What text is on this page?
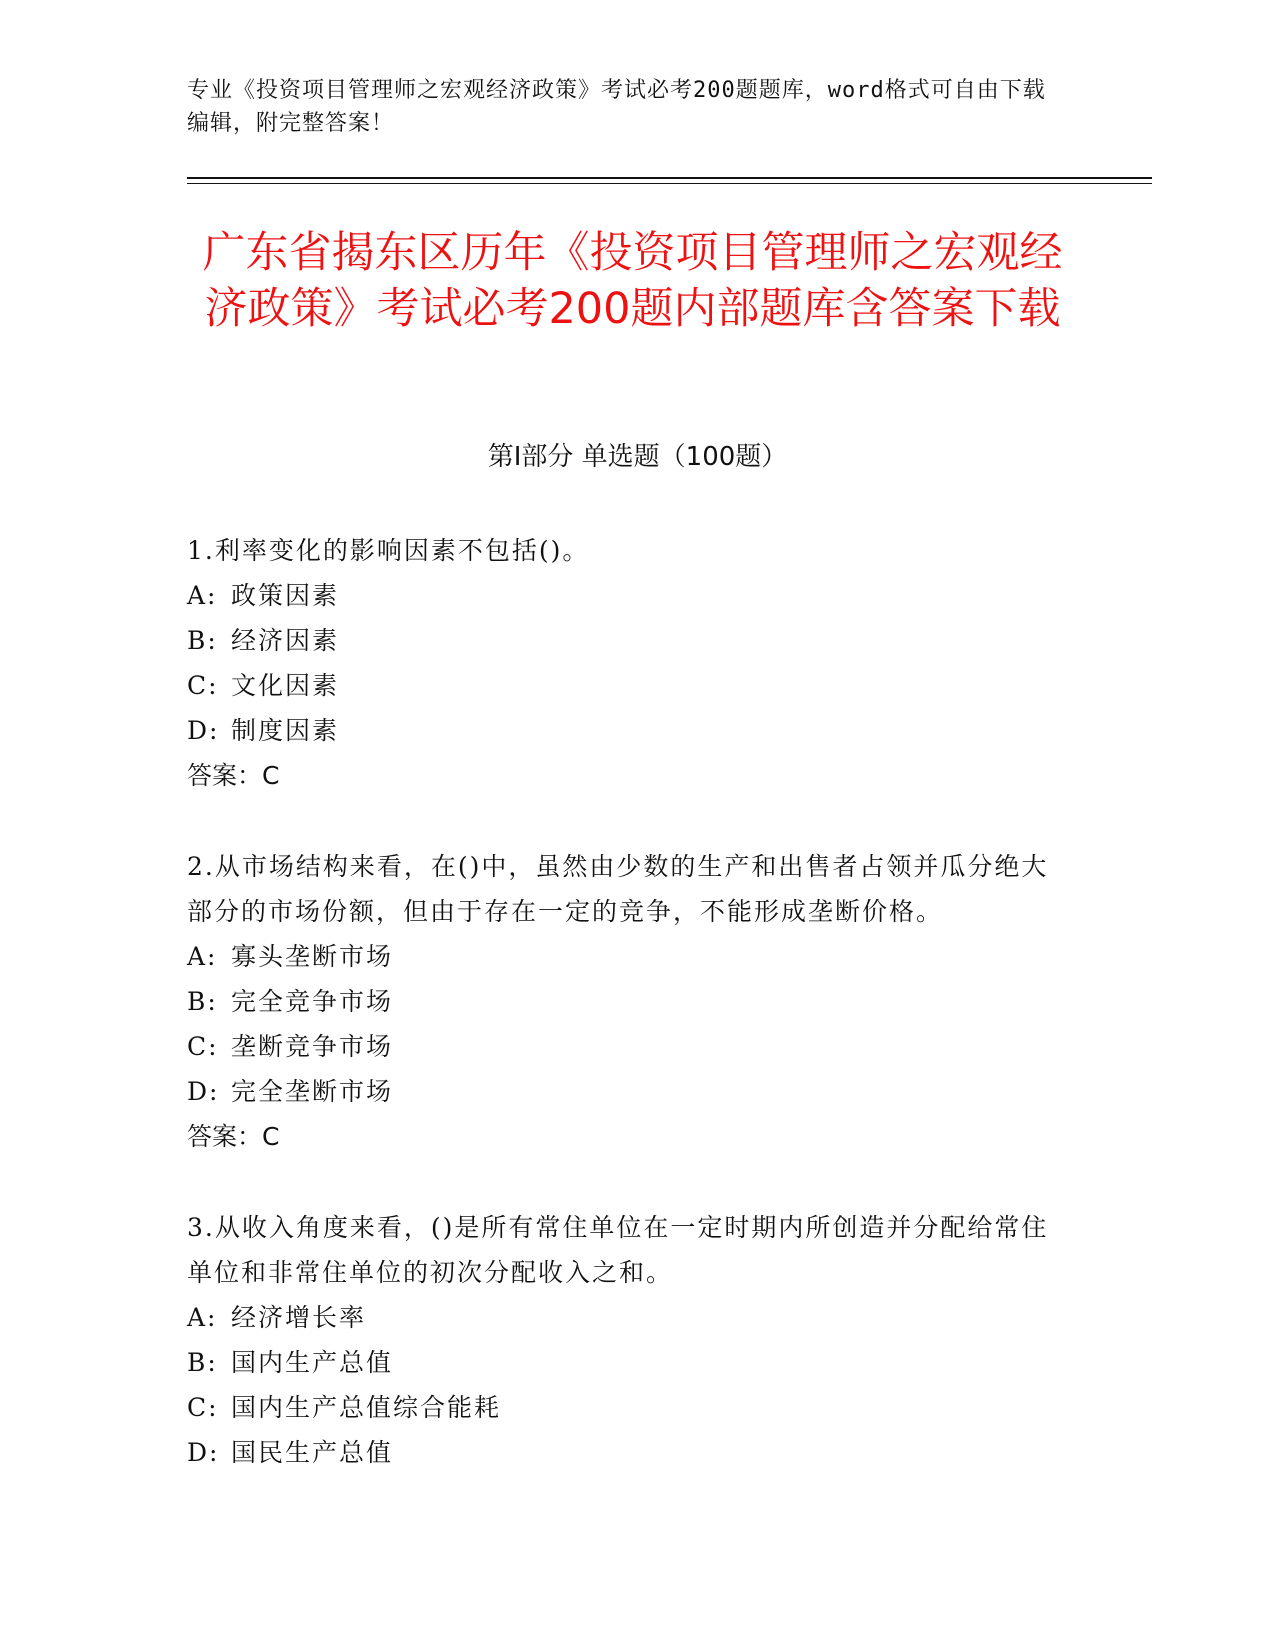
专业《投资项目管理师之宏观经济政策》考试必考200题题库，word格式可自由下载编辑，附完整答案！
广东省揭东区历年《投资项目管理师之宏观经济政策》考试必考200题内部题库含答案下载
第Ⅰ部分 单选题（100题）

1.利率变化的影响因素不包括()。

A: 政策因素

B: 经济因素

C: 文化因素

D: 制度因素

答案：C

2.从市场结构来看，在()中，虽然由少数的生产和出售者占领并瓜分绝大部分的市场份额，但由于存在一定的竞争，不能形成垄断价格。

A: 寡头垄断市场

B: 完全竞争市场

C: 垄断竞争市场

D: 完全垄断市场

答案：C

3.从收入角度来看，()是所有常住单位在一定时期内所创造并分配给常住单位和非常住单位的初次分配收入之和。

A: 经济增长率

B: 国内生产总值

C: 国内生产总值综合能耗

D: 国民生产总值
